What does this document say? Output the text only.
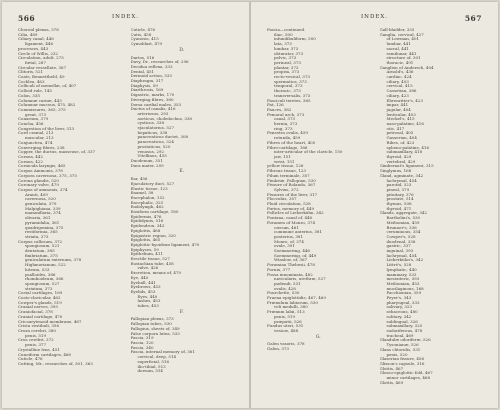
566	INDEX.
Choroid plexus, 378
Cilia, 489
Ciliary canal, 446
ligament, 446
processes, 443
Circle of Willis, 232
Circulation, adult, 275
fœtal, 287
Circular vessellate, 387
Clitoris, 521
Coats, Bennettheld, 49
Cochlea, 463
Colliculi of memellæ, of, 407
Colloid rule, 145
Colon, 335
Columnæ carnæ, 443
Columnar mucous, 475, 482
Commissures, 365, 375
great, 373
Conarium, 379
Concha, 456
Congestion of the liver, 313
Cord cranial, 213
muscular, 213
Conjunctiva, 474
Converging fibres, 238
Copper, the ductus, masseuse, of, 337
Cornea, 442
Cornea, 422
Cornicula laryngis, 465
Corpus Ammonis, 378
Corpora cavernosa, 375, 375
Corona glandis, 520
Coronary valve, 479
Corpus of ammonis, 374
Aranti, 409
cavernosa, 520
geniculata, 379
Malpighiana, 339
mammillaria, 374
olivaria, 361
pyramidalia, 361
quadrigemina, 375
restiformia, 365
striata, 373
Corpus callosum, 372
spongiosum, 521
dentatum, 385
fimbriatum, 375
geniculatum externum, 378
Highmorianum, 522
luteum, 533
psalloides, 386
rhomboideum, 366
spongiosum, 527
striatum, 373
Costal cartilages, 169
Costo-clavicular, 463
Cowper's glands, 519
Cranial nerves, 395
Craniofacial, 378
Cranial cartilage, 470
Cricoarytenoid membrane, 467
Crista vestibuli, 356
Crura cerebri, 380
penis, 519
Crus cerebri, 372
penis, 377
Crystalline lens, 451
Cuneiform cartilages, 468
Cuticle, 476
Cutting, Mr., researches of, 301, 363
Cuticle, 476
Cutis, 458
Cyanosis, 415
Cymoblast, 479
D.
Dartos, 516
Davy, Dr., researches of, 296
Decidua reflexa, 333
Dental, 451
Dermoid action, 533
Diaphragm, 317
Diaphysis, 59
Diarthrosis, 169
Digastric, marks, 170
Diverging fibres, 380
Dorsa cardial males, 353
Ductus of canalis, 416
arteriosus, 293
aorticus, choledochus, 338
cysticus, 338
ejaculatorius, 527
hepaticus, 338
pancreaticus ductet, 308
pancreaticus, 324
prostaticus, 520
venosus, 292
Vitellinus, 455
Duodenum, 351
Dura mater, 209
E.
Ear, 456
Ejaculatory duct, 527
Elastic tissue, 123
Enamel, 58
Encephalon, 152
Encephalic, 325
Endolymph, 462
Ensiform cartilage, 180
Epidermis, 476
Epididymis, 516
Epidendron, 343
Epiglottis, 468
Epigastric region, 320
Epiglottis, 465
Epiglottic-hyoidean ligament, 470
Epiphyses, 59
Epithelium, 411
Erectile tissue, 527
Eustachian tube, 458
valve, 426
Excretion, means of, 479
Eye, 440
Eyeball, 441
Eyebrows, 453
Eyelids, 453
Eyes, 440
lashes, 453
tubes, 453
F.
Fallopian plexus, 373
Fallopian tubes, 530
Fallopius, sheets of, 349
False corpora lutea, 533
Fascia, 319
Fascia, 120
Fascia, 340
Fascia, internal memory of, 361
cervical, deep, 514
superficial, 516
ilio-tibial, 513
dorsum, 514
567
INDEX.
Fascia—continued.
iliac, 500
infundibuliform, 500
lata, 373
lumbar, 373
obturator, 373
pelvic, 373
perineal, 373
plantar, 373
propria, 373
recto-vesical, 373
spermatica, 373
temporal, 373
thoracic, 373
transversalis, 373
Fasciculi teretes, 365
Fat, 126
Fauces, 382
Femoral arch, 373
canal, 373
hernia, 373
ring, 373
Fenestra ovalis, 459
rotunda, 459
Fibres of the heart, 405
Fibro-cartilage, 166
inter-articular of the clavicle, 150
jaw, 151
wrist, 151
yellow tissue, 126
Fibrous tissue, 123
Filum terminale, 357
Fimbriæ, Fallopian, 530
Fissure of Rolando, 367
Sylvius, 372
Fissures of the liver, 317
Flocculus, 357
Fluid circulation, 528
Fœtus, memory of, 449
Follicles of Lieberkühn, 342
Fontana, canal of, 446
Foramen of Monro, 374
cæcum, 461
commune anterius, 381
posterius, 381
Monro, of, 374
ovale, 391
Soemmering, 446
Soemmering, of, 449
Winslow, of, 367
Foramina Thebesii, 478
Fornix, 377
Fossa innominata, 482
navicularis, urethræ, 527
pudendi, 531
ovalis, 428
Fourchette, 530
Fraena epiglottidis, 467, 469
Frænulum labiorum, 530
veli medulli, 380
Frænum labii, 513
penis, 519
præputii, 526
Fundus uteri, 531
vesicæ, 488
G.
Galen vasoris, 378
Galen, 373
Gall-bladder, 333
Ganglia, cervical, 427
of Lewman, 401
lumbar, 441
sacral, 441
semilunar, 441
structure of, 301
thoracic, 491
Ganglion of Andersch, 404
Arnold's, 436
cardiac, 424
ciliary, 403
cervical, 415
Cassetian, 386
ciliary, 423
Ehrenritter's, 423
impar, 441
jugular, 404
lenticular, 403
Meckel's, 415
naso-palatine, 416
otic, 417
petrosal, 405
Gasserian, 404
Ribes, of, 423
spheno-palatine, 416
submaxillary, 418
thyroid, 429
vertebral, 429
Gimbernat's ligament, 315
Ginglymus, 168
Gland, agminate, 342
lachrymal, 454
parotid, 323
pineal, 379
pituitary, 376
prostate, 514
thymus, 508
thyroid, 471
Glands, aggregate, 342
Bartholini's, 530
Meibomian, 459
Brunner's, 336
ceruminous, 354
Cowper's, 528
duodenal, 336
gastric, 337
inguinal, 393
lachrymal, 454
Lieberkühn's, 342
Littré's, 528
lymphatic, 440
mammary, 533
mesenteric, 393
Meibomian, 453
mucilaginous, 168
Pacchionian, 359
Peyer's, 343
pharyngeal, 333
salivary, 323
sebaceous, 480
solitary, 342
sublingual, 326
submaxillary, 325
sudoriferous, 478
tracheal, 469
Glandulæ odoriferæ, 526
Tysonianæ, 526
Glans clitoridis, 531
penis, 520
Glaserian fissure, 456
Glisson's capsule, 316
Glottis, 467
Glosso-epiglottic fold, 467
minor cartilages, 468
Glottis, 469
